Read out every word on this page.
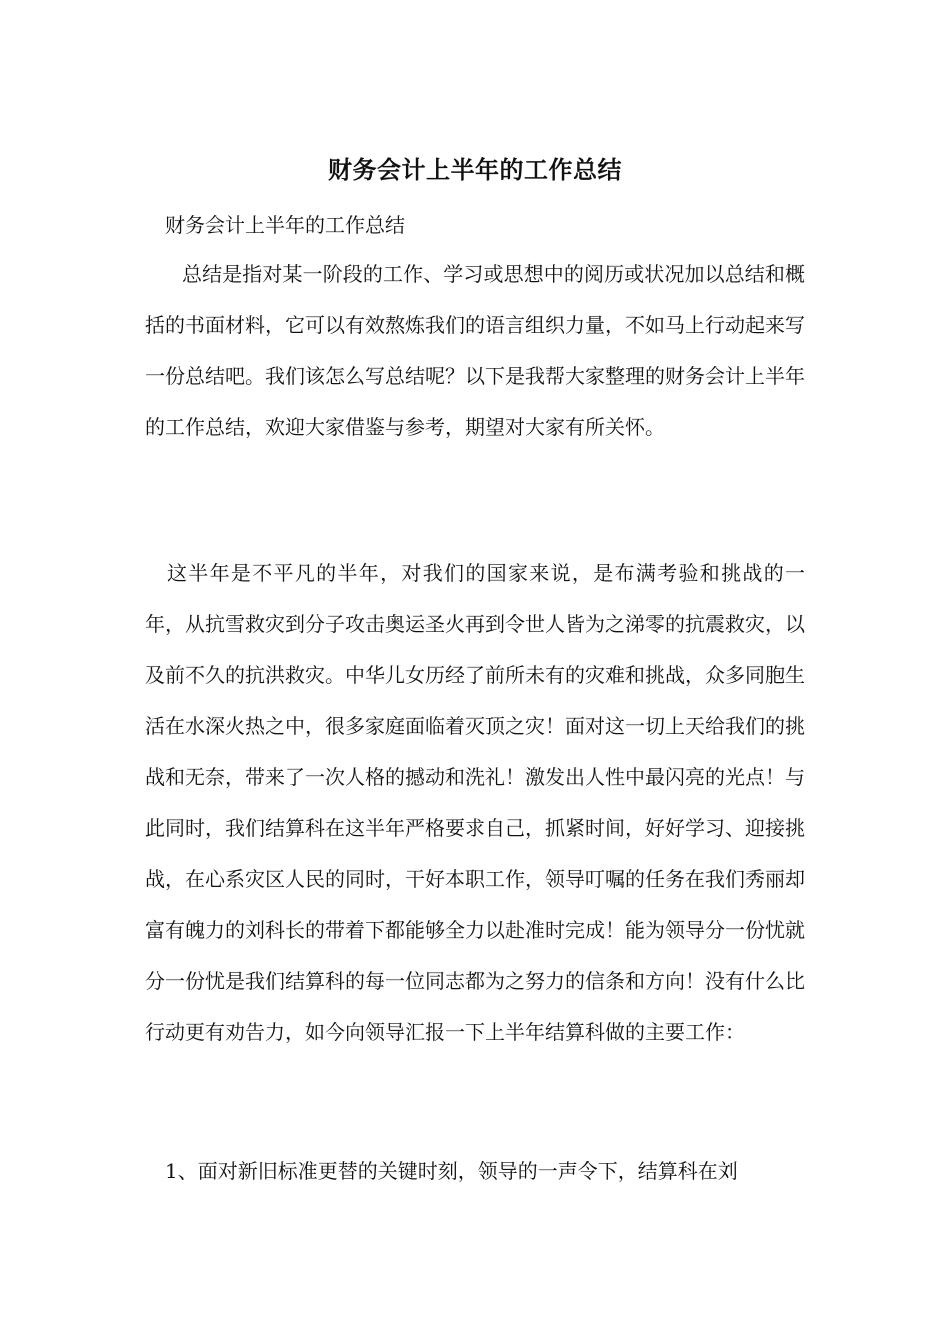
财务会计上半年的工作总结
财务会计上半年的工作总结

总结是指对某一阶段的工作、学习或思想中的阅历或状况加以总结和概括的书面材料，它可以有效熬炼我们的语言组织力量，不如马上行动起来写一份总结吧。我们该怎么写总结呢？以下是我帮大家整理的财务会计上半年的工作总结，欢迎大家借鉴与参考，期望对大家有所关怀。

这半年是不平凡的半年，对我们的国家来说，是布满考验和挑战的一年，从抗雪救灾到分子攻击奥运圣火再到令世人皆为之涕零的抗震救灾，以及前不久的抗洪救灾。中华儿女历经了前所未有的灾难和挑战，众多同胞生活在水深火热之中，很多家庭面临着灭顶之灾！面对这一切上天给我们的挑战和无奈，带来了一次人格的撼动和洗礼！激发出人性中最闪亮的光点！与此同时，我们结算科在这半年严格要求自己，抓紧时间，好好学习、迎接挑战，在心系灾区人民的同时，干好本职工作，领导叮嘱的任务在我们秀丽却富有魄力的刘科长的带着下都能够全力以赴准时完成！能为领导分一份忧就分一份忧是我们结算科的每一位同志都为之努力的信条和方向！没有什么比行动更有劝告力，如今向领导汇报一下上半年结算科做的主要工作：

1、面对新旧标准更替的关键时刻，领导的一声令下，结算科在刘
